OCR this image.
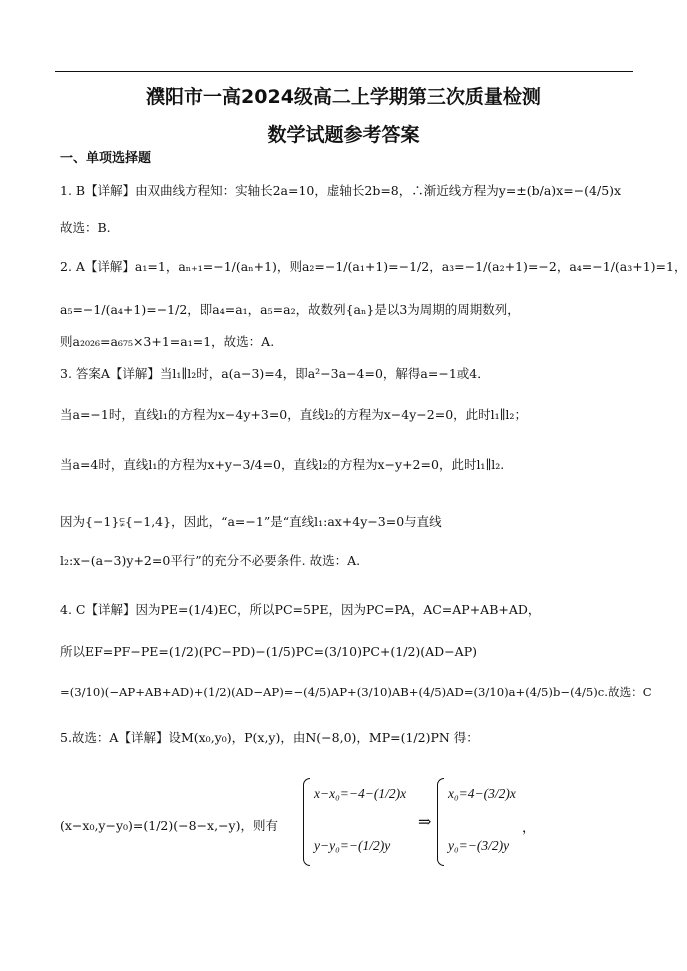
濮阳市一高2024级高二上学期第三次质量检测
数学试题参考答案
一、单项选择题
1. B【详解】由双曲线方程知：实轴长2a=10，虚轴长2b=8，∴渐近线方程为y=±(b/a)x=−(4/5)x
故选：B.
2. A【详解】a₁=1，aₙ₊₁=−1/(aₙ+1)，则a₂=−1/(a₁+1)=−1/2，a₃=−1/(a₂+1)=−2，a₄=−1/(a₃+1)=1，
a₅=−1/(a₄+1)=−1/2，即a₄=a₁，a₅=a₂，故数列{aₙ}是以3为周期的周期数列，
则a₂₀₂₆=a₆₇₅×3+1=a₁=1，故选：A.
3. 答案A【详解】当l₁∥l₂时，a(a−3)=4，即a²−3a−4=0，解得a=−1或4．
当a=−1时，直线l₁的方程为x−4y+3=0，直线l₂的方程为x−4y−2=0，此时l₁∥l₂；
当a=4时，直线l₁的方程为x+y−3/4=0，直线l₂的方程为x−y+2=0，此时l₁∥l₂.
因为{−1}⫋{−1,4}，因此，“a=−1”是“直线l₁:ax+4y−3=0与直线
l₂:x−(a−3)y+2=0平行”的充分不必要条件. 故选：A.
4. C【详解】因为PE=(1/4)EC，所以PC=5PE，因为PC=PA，AC=AP+AB+AD，
所以EF=PF−PE=(1/2)(PC−PD)−(1/5)PC=(3/10)PC+(1/2)(AD−AP)
=(3/10)(−AP+AB+AD)+(1/2)(AD−AP)=−(4/5)AP+(3/10)AB+(4/5)AD=(3/10)a+(4/5)b−(4/5)c.故选：C
5.故选：A【详解】设M(x₀,y₀)，P(x,y)，由N(−8,0)，MP=(1/2)PN 得：
(x−x₀,y−y₀)=(1/2)(−8−x,−y)，则有
x−x₀=−4−(1/2)x
y−y₀=−(1/2)y
⇒
x₀=4−(3/2)x
y₀=−(3/2)y
，
